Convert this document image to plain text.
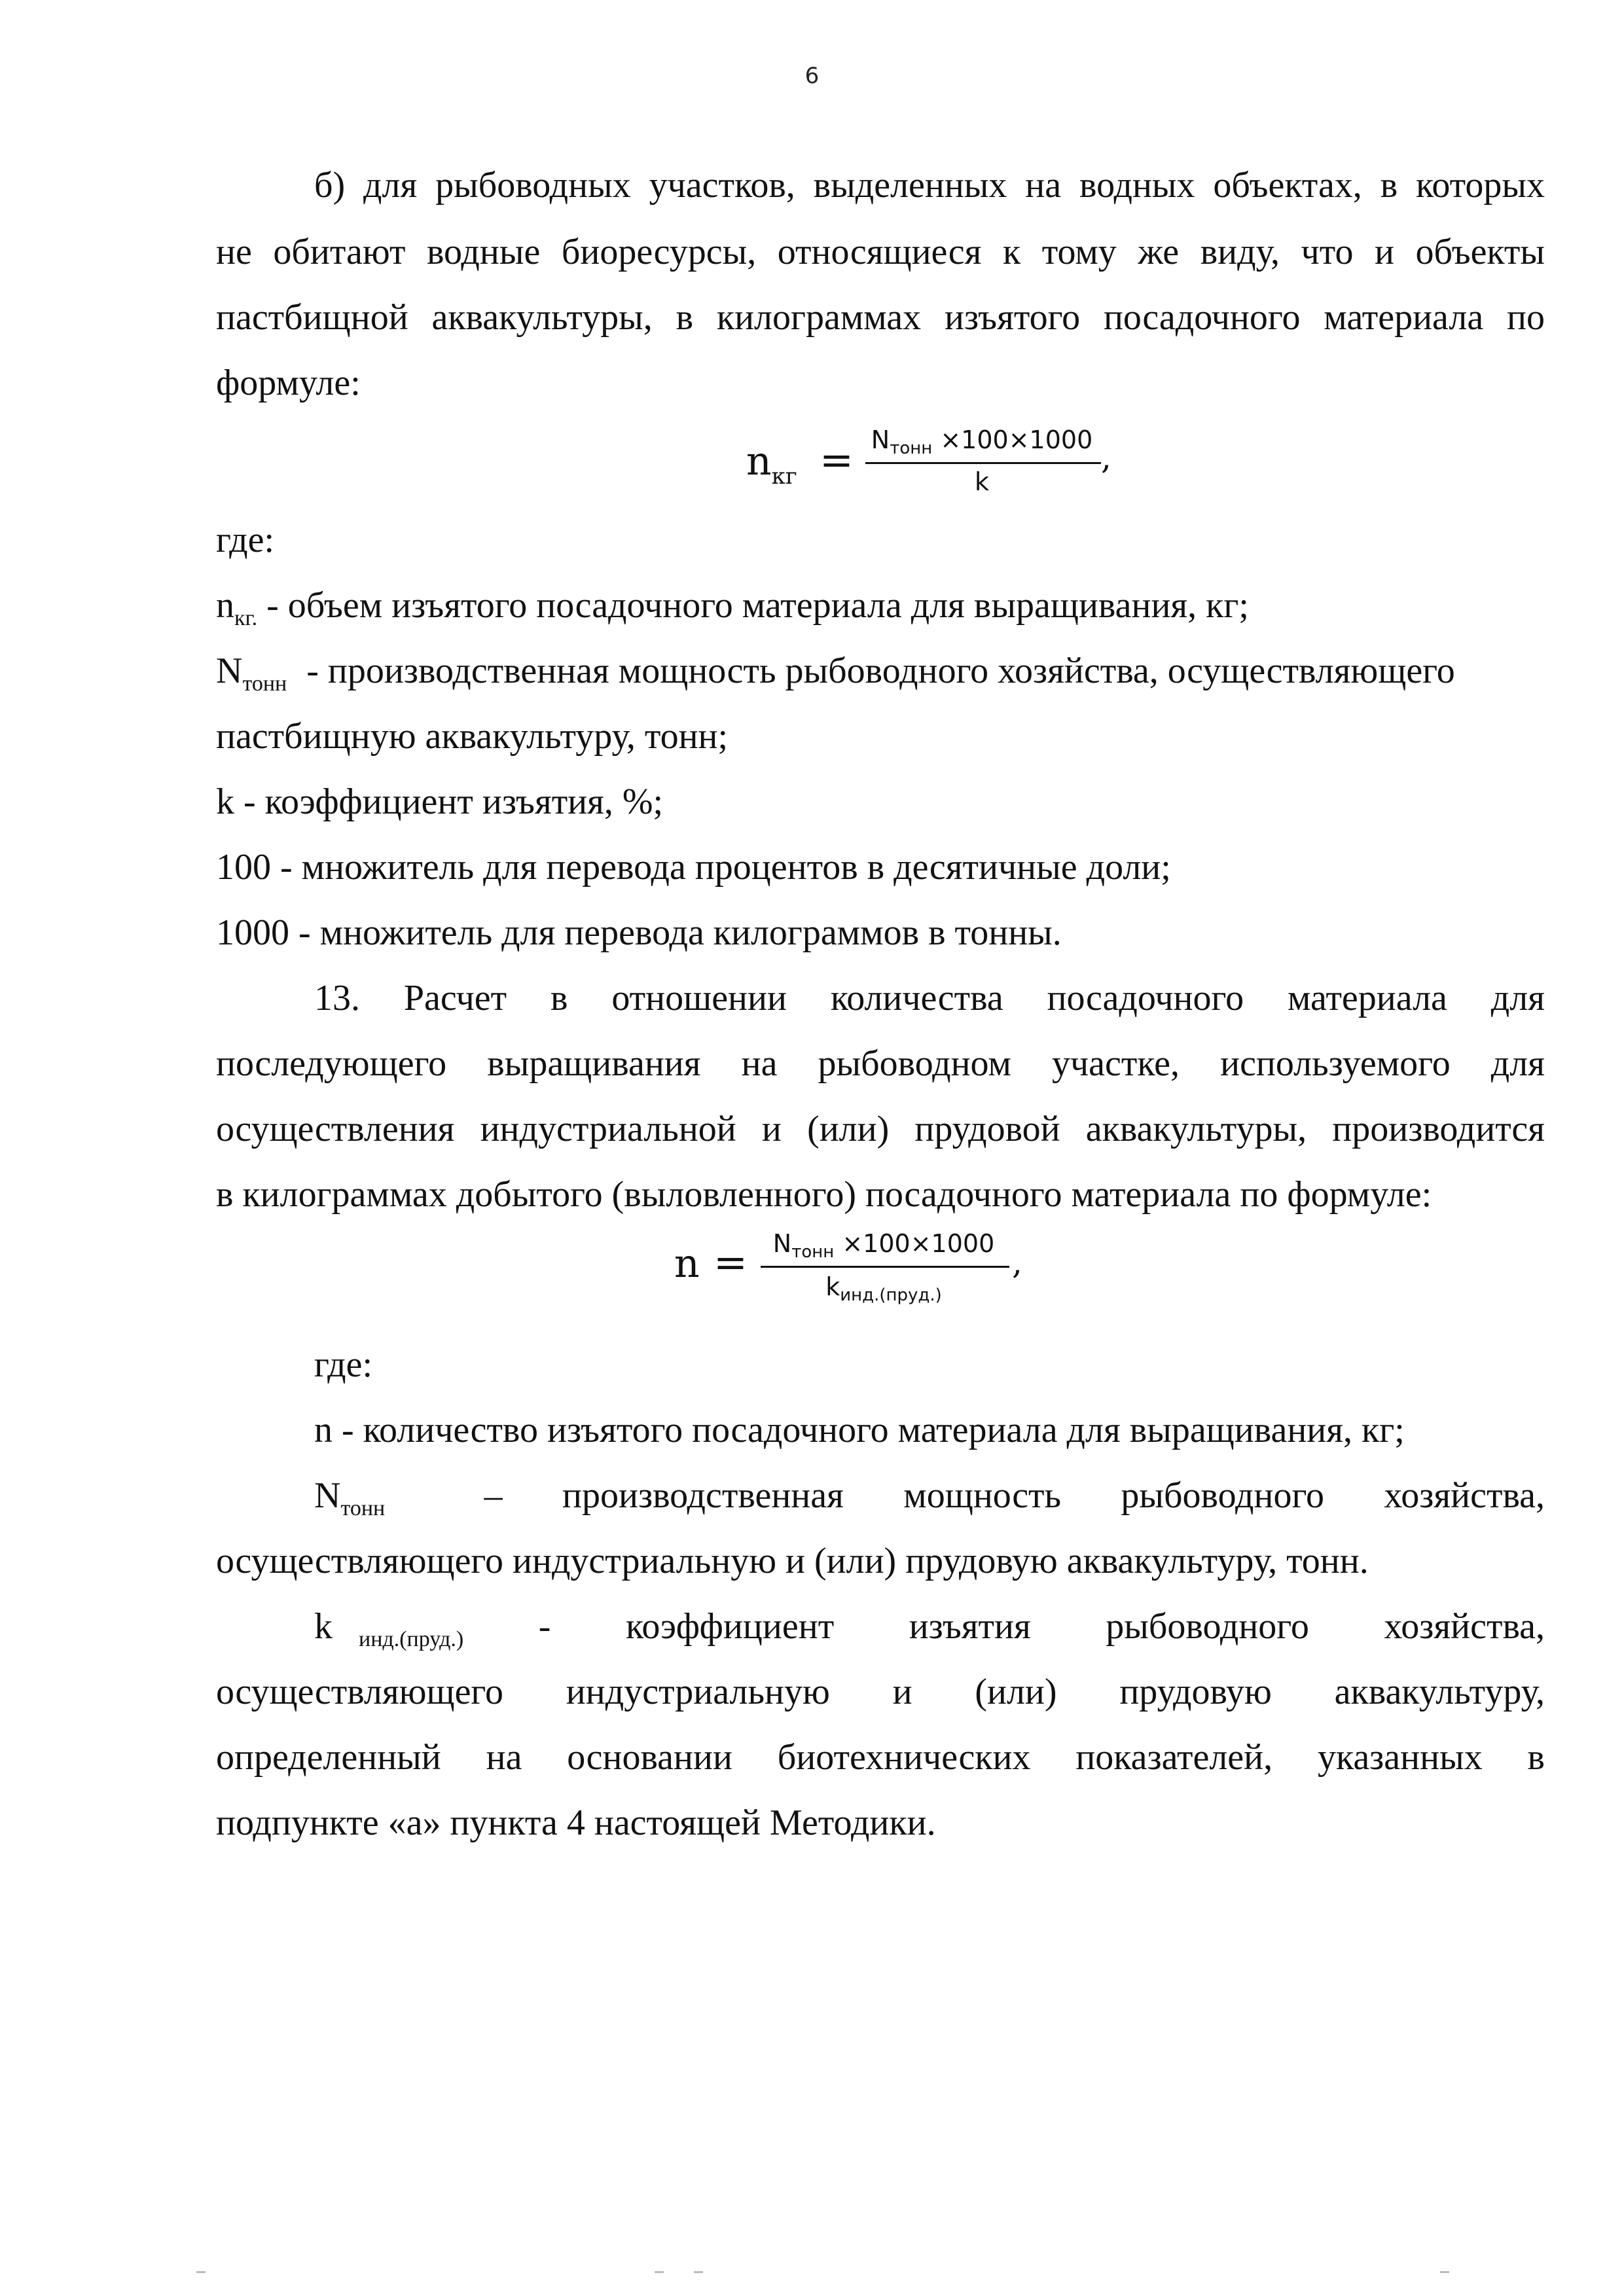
6
б) для рыбоводных участков, выделенных на водных объектах, в которых
не обитают водные биоресурсы, относящиеся к тому же виду, что и объекты
пастбищной аквакультуры, в килограммах изъятого посадочного материала по
формуле:
$n_{кг} = N_{тонн} \times 100\times 1000$
k
,
где:
$n_{кг.}$ - объем изъятого посадочного материала для выращивания, кг;
$N_{тонн}$ - производственная мощность рыбоводного хозяйства, осуществляющего
пастбищную аквакультуру, тонн;
k - коэффициент изъятия, %;
100 - множитель для перевода процентов в десятичные доли;
1000 - множитель для перевода килограммов в тонны.
13. Расчет в отношении количества посадочного материала для
последующего выращивания на рыбоводном участке, используемого для
осуществления индустриальной и (или) прудовой аквакультуры, производится
в килограммах добытого (выловленного) посадочного материала по формуле:
n =	$N_{тонн} \times 100\times 1000$
$k_{инд.(пруд.)}$
,
где:
n - количество изъятого посадочного материала для выращивания, кг;
$N_{тонн}$	– производственная мощность рыбоводного хозяйства,
осуществляющего индустриальную и (или) прудовую аквакультуру, тонн.
k $_{инд.(пруд.)}$ - коэффициент изъятия рыбоводного хозяйства,
осуществляющего индустриальную и (или) прудовую аквакультуру,
определенный на основании биотехнических показателей, указанных в
подпункте «а» пункта 4 настоящей Методики.
